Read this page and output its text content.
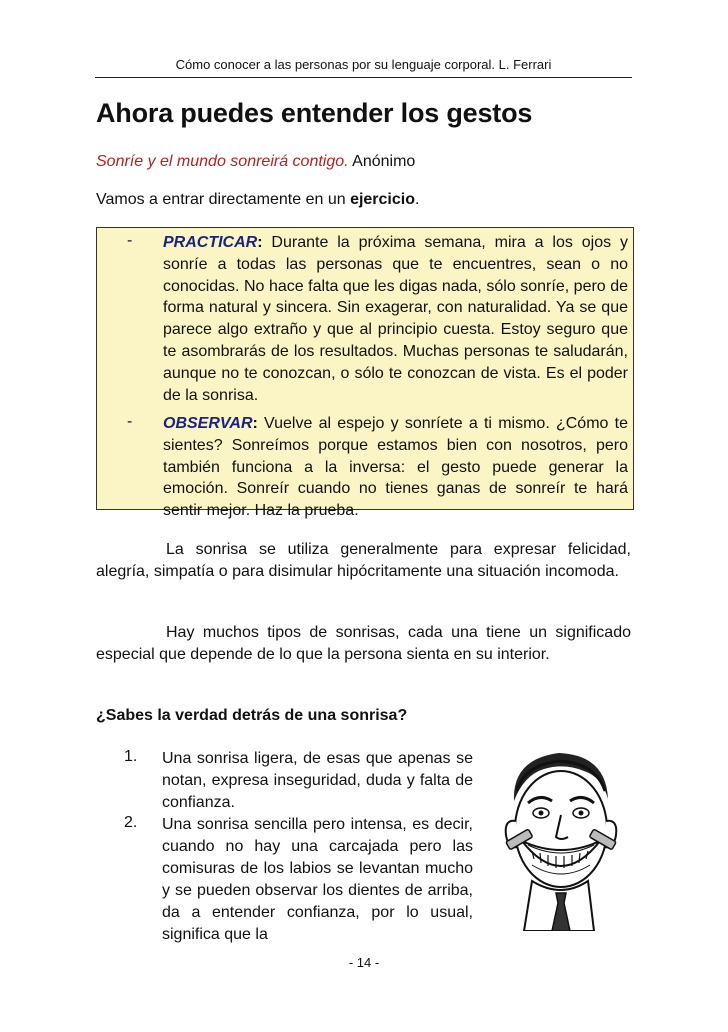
Cómo conocer a las personas por su lenguaje corporal. L. Ferrari
Ahora puedes entender los gestos
Sonríe y el mundo sonreirá contigo. Anónimo
Vamos a entrar directamente en un ejercicio.
- PRACTICAR: Durante la próxima semana, mira a los ojos y sonríe a todas las personas que te encuentres, sean o no conocidas. No hace falta que les digas nada, sólo sonríe, pero de forma natural y sincera. Sin exagerar, con naturalidad. Ya se que parece algo extraño y que al principio cuesta. Estoy seguro que te asombrarás de los resultados. Muchas personas te saludarán, aunque no te conozcan, o sólo te conozcan de vista. Es el poder de la sonrisa.
- OBSERVAR: Vuelve al espejo y sonríete a ti mismo. ¿Cómo te sientes? Sonreímos porque estamos bien con nosotros, pero también funciona a la inversa: el gesto puede generar la emoción. Sonreír cuando no tienes ganas de sonreír te hará sentir mejor. Haz la prueba.

La sonrisa se utiliza generalmente para expresar felicidad, alegría, simpatía o para disimular hipócritamente una situación incomoda.

Hay muchos tipos de sonrisas, cada una tiene un significado especial que depende de lo que la persona sienta en su interior.

¿Sabes la verdad detrás de una sonrisa?

1. Una sonrisa ligera, de esas que apenas se notan, expresa inseguridad, duda y falta de confianza.
2. Una sonrisa sencilla pero intensa, es decir, cuando no hay una carcajada pero las comisuras de los labios se levantan mucho y se pueden observar los dientes de arriba, da a entender confianza, por lo usual, significa que la
- 14 -
